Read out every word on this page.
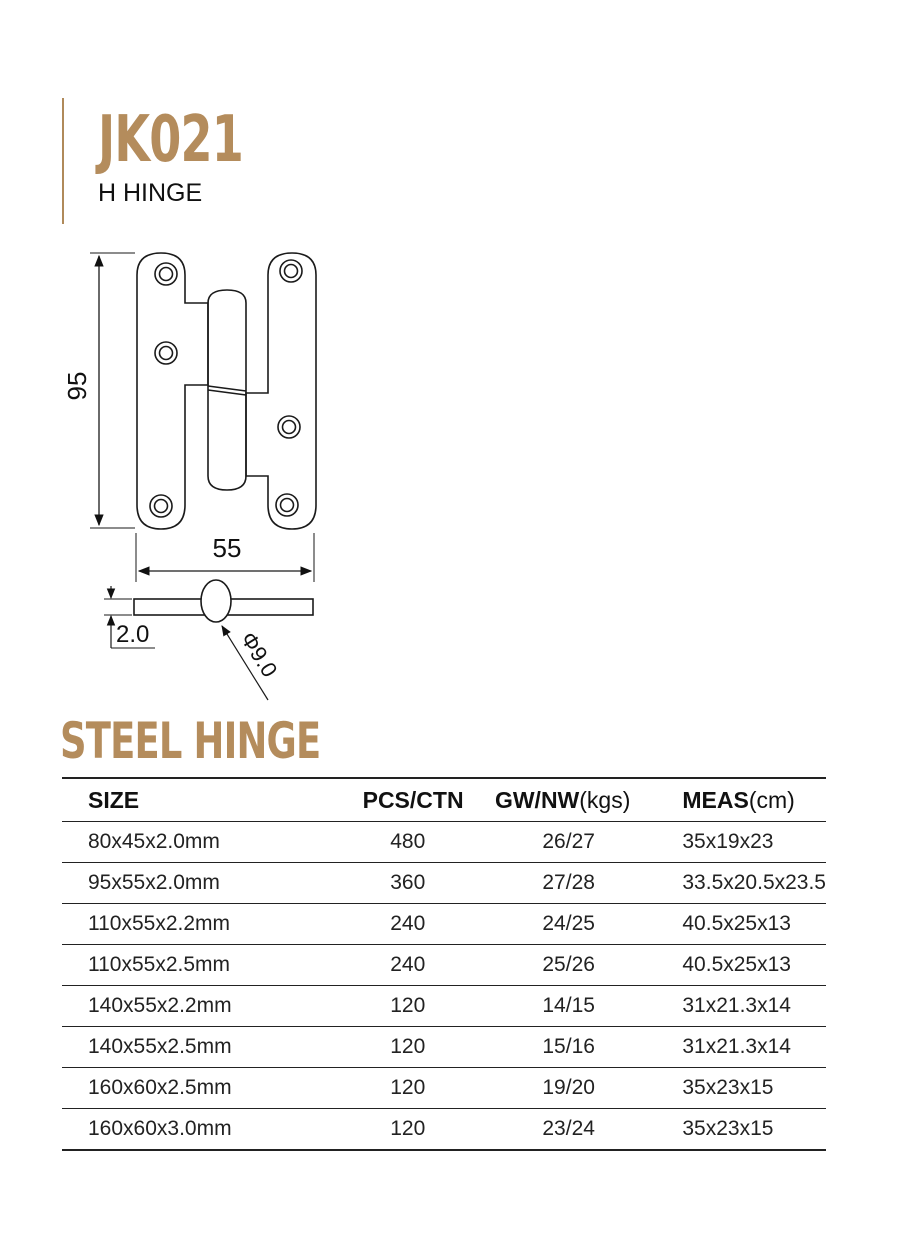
JK021
H HINGE
95
55
2.0	Φ9.0
STEEL HINGE
SIZE	PCS/CTN	GW/NW(kgs)	MEAS(cm)
80x45x2.0mm	480	26/27	35x19x23
95x55x2.0mm	360	27/28	33.5x20.5x23.5
110x55x2.2mm	240	24/25	40.5x25x13
110x55x2.5mm	240	25/26	40.5x25x13
140x55x2.2mm	120	14/15	31x21.3x14
140x55x2.5mm	120	15/16	31x21.3x14
160x60x2.5mm	120	19/20	35x23x15
160x60x3.0mm	120	23/24	35x23x15
